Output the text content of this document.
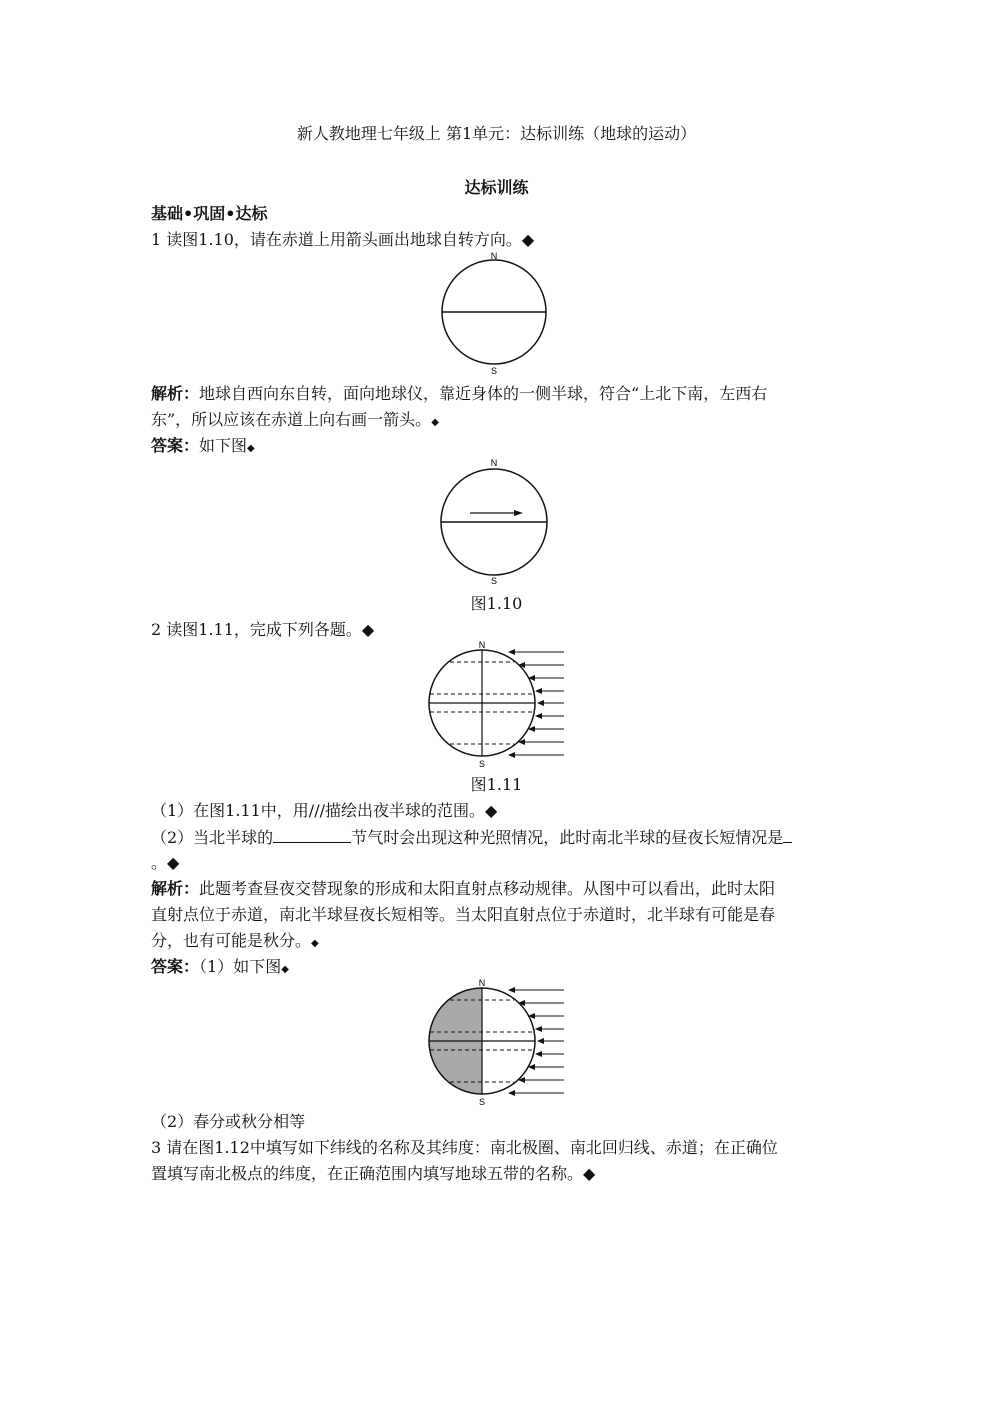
新人教地理七年级上 第1单元：达标训练（地球的运动）
达标训练
基础•巩固•达标
1 读图1.10，请在赤道上用箭头画出地球自转方向。◆
N
S
解析：地球自西向东自转，面向地球仪，靠近身体的一侧半球，符合“上北下南，左西右
东”，所以应该在赤道上向右画一箭头。◆
答案：如下图◆
N
S
图1.10
2 读图1.11，完成下列各题。◆
N
S
图1.11
（1）在图1.11中，用///描绘出夜半球的范围。◆
（2）当北半球的	节气时会出现这种光照情况，此时南北半球的昼夜长短情况是
。◆
解析：此题考查昼夜交替现象的形成和太阳直射点移动规律。从图中可以看出，此时太阳
直射点位于赤道，南北半球昼夜长短相等。当太阳直射点位于赤道时，北半球有可能是春
分，也有可能是秋分。◆
答案：（1）如下图◆
N
S
（2）春分或秋分相等
3 请在图1.12中填写如下纬线的名称及其纬度：南北极圈、南北回归线、赤道；在正确位
置填写南北极点的纬度，在正确范围内填写地球五带的名称。◆
